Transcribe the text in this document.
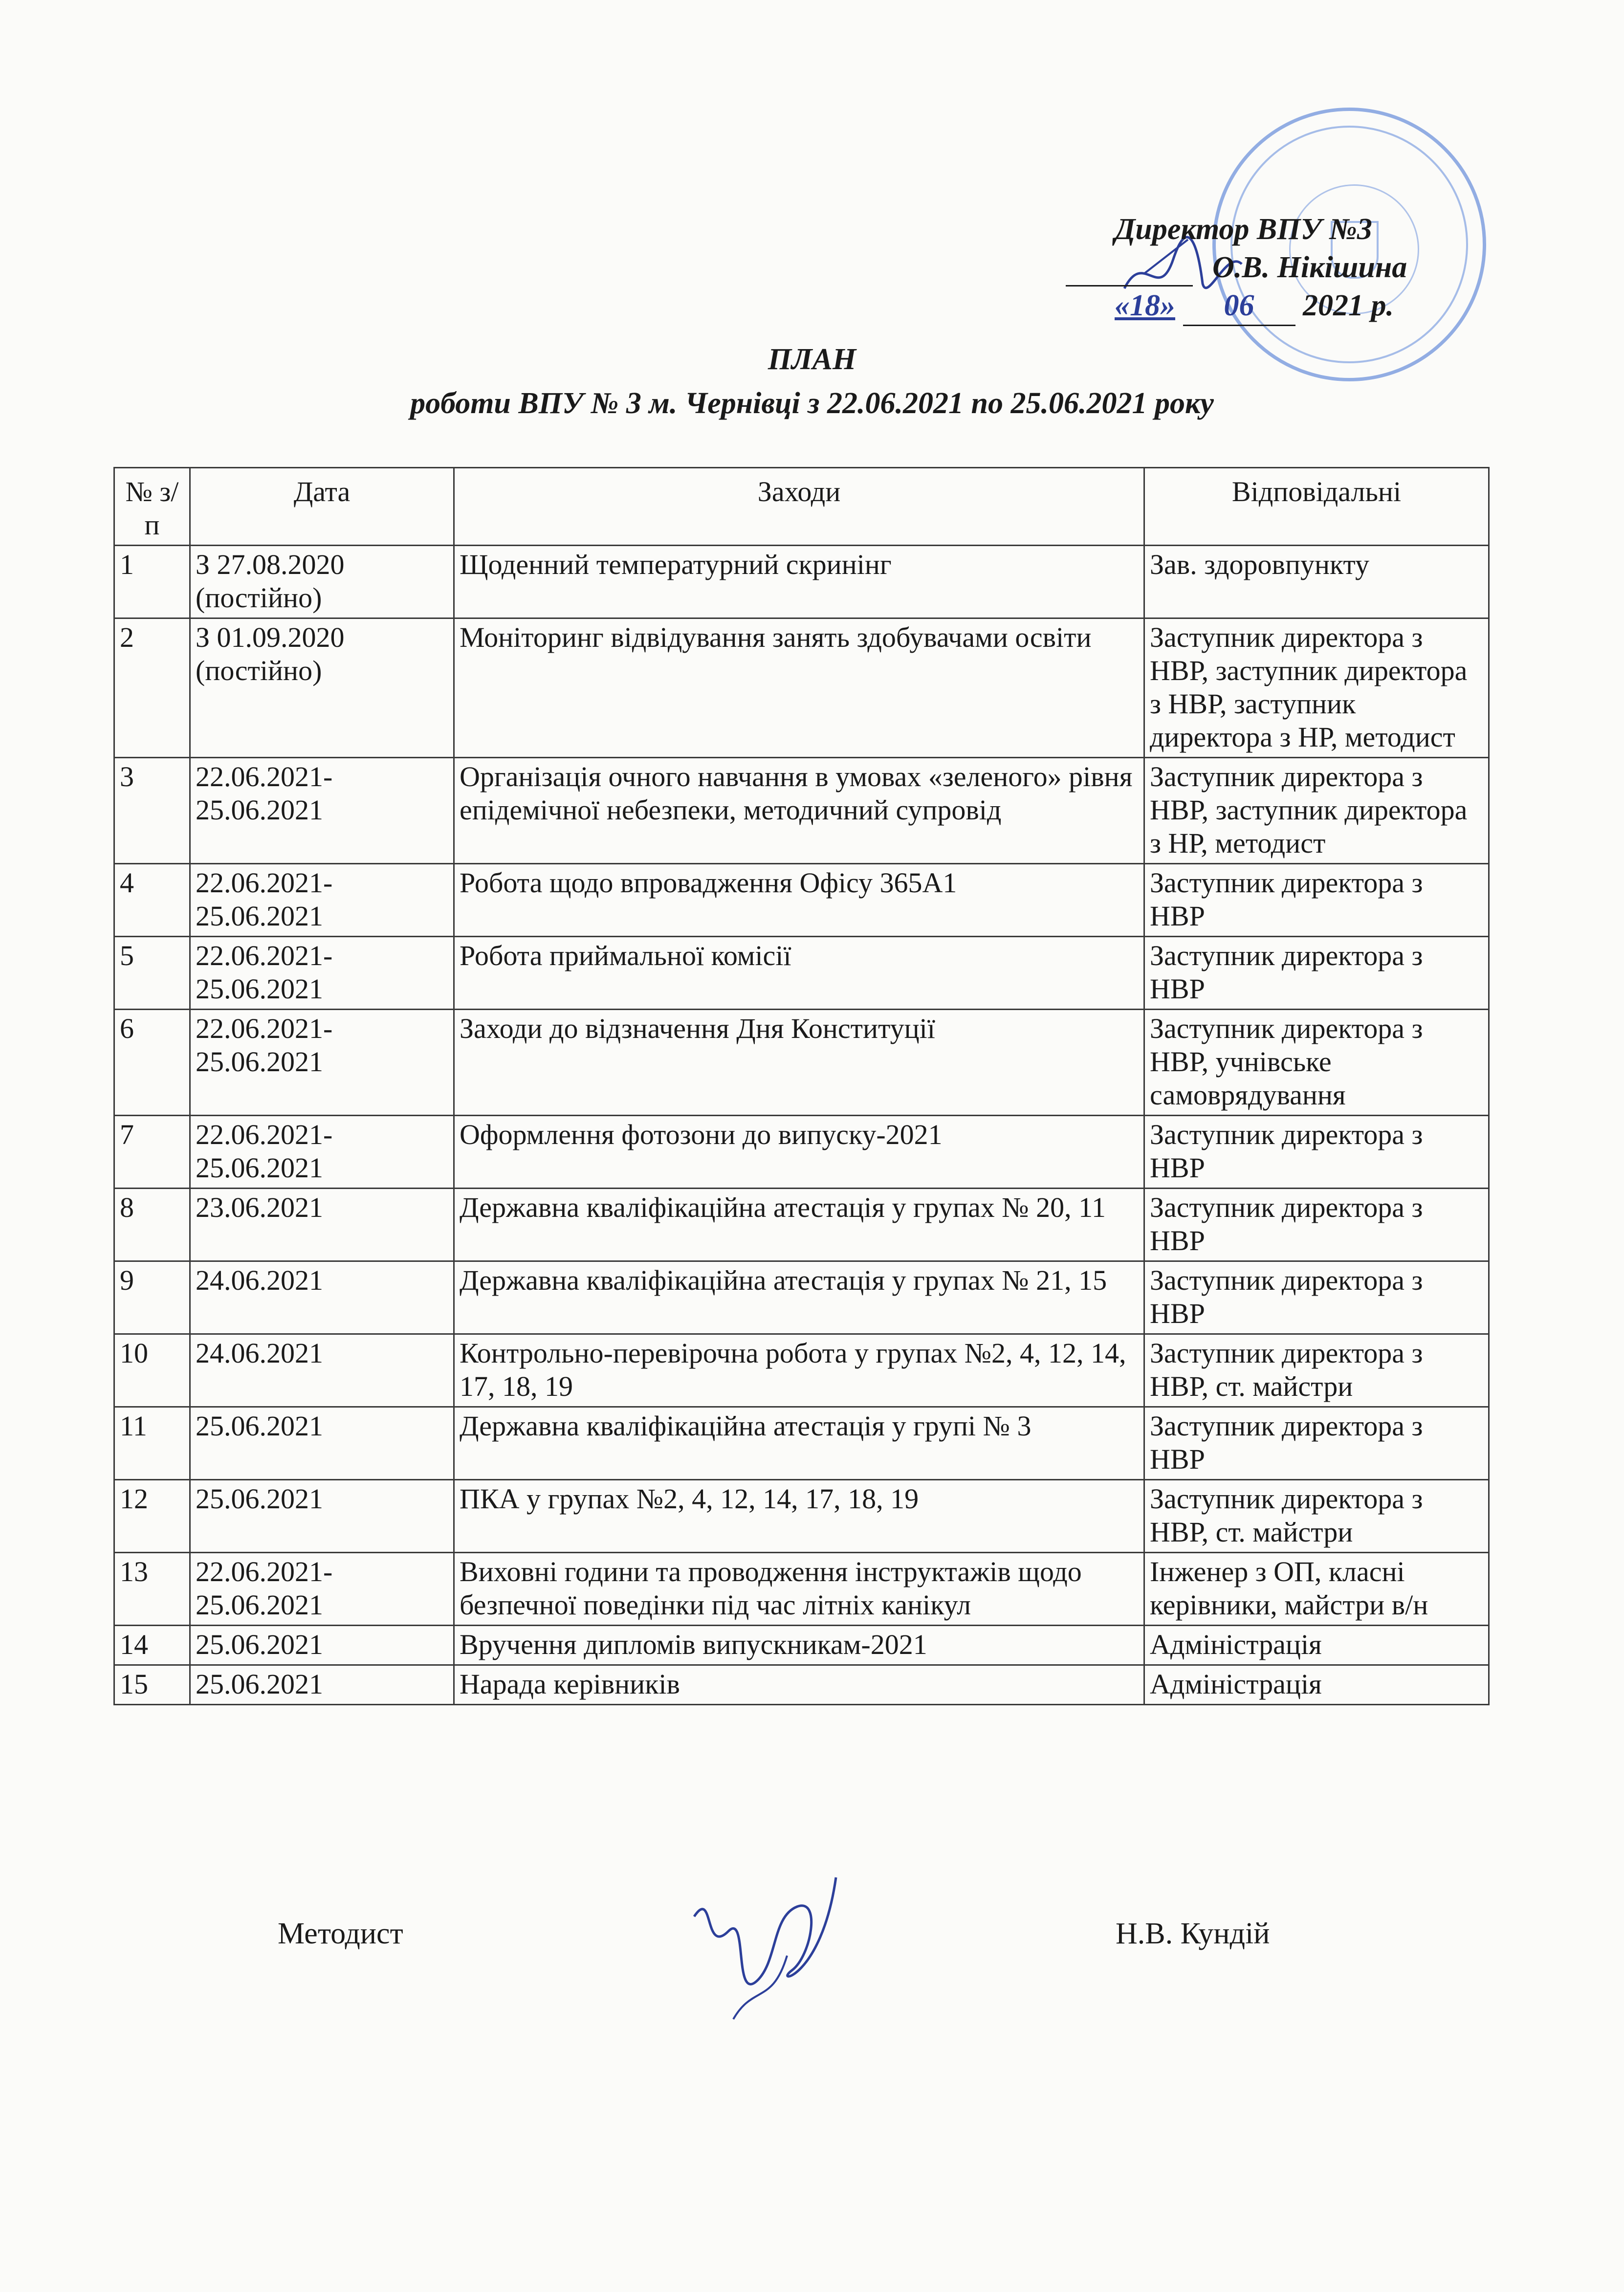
Директор ВПУ №3
О.В. Нікішина
«18» 06 2021 р.
ПЛАН
роботи ВПУ № 3 м. Чернівці з 22.06.2021 по 25.06.2021 року
№ з/п	Дата	Заходи	Відповідальні
1	З 27.08.2020 (постійно)	Щоденний температурний скринінг	Зав. здоровпункту
2	З 01.09.2020 (постійно)	Моніторинг відвідування занять здобувачами освіти	Заступник директора з НВР, заступник директора з НВР, заступник директора з НР, методист
3	22.06.2021-25.06.2021	Організація очного навчання в умовах «зеленого» рівня епідемічної небезпеки, методичний супровід	Заступник директора з НВР, заступник директора з НР, методист
4	22.06.2021-25.06.2021	Робота щодо впровадження Офісу 365А1	Заступник директора з НВР
5	22.06.2021-25.06.2021	Робота приймальної комісії	Заступник директора з НВР
6	22.06.2021-25.06.2021	Заходи до відзначення Дня Конституції	Заступник директора з НВР, учнівське самоврядування
7	22.06.2021-25.06.2021	Оформлення фотозони до випуску-2021	Заступник директора з НВР
8	23.06.2021	Державна кваліфікаційна атестація у групах № 20, 11	Заступник директора з НВР
9	24.06.2021	Державна кваліфікаційна атестація у групах № 21, 15	Заступник директора з НВР
10	24.06.2021	Контрольно-перевірочна робота у групах №2, 4, 12, 14, 17, 18, 19	Заступник директора з НВР, ст. майстри
11	25.06.2021	Державна кваліфікаційна атестація у групі № 3	Заступник директора з НВР
12	25.06.2021	ПКА у групах №2, 4, 12, 14, 17, 18, 19	Заступник директора з НВР, ст. майстри
13	22.06.2021-25.06.2021	Виховні години та проводження інструктажів щодо безпечної поведінки під час літніх канікул	Інженер з ОП, класні керівники, майстри в/н
14	25.06.2021	Вручення дипломів випускникам-2021	Адміністрація
15	25.06.2021	Нарада керівників	Адміністрація
Методист	Н.В. Кундій
